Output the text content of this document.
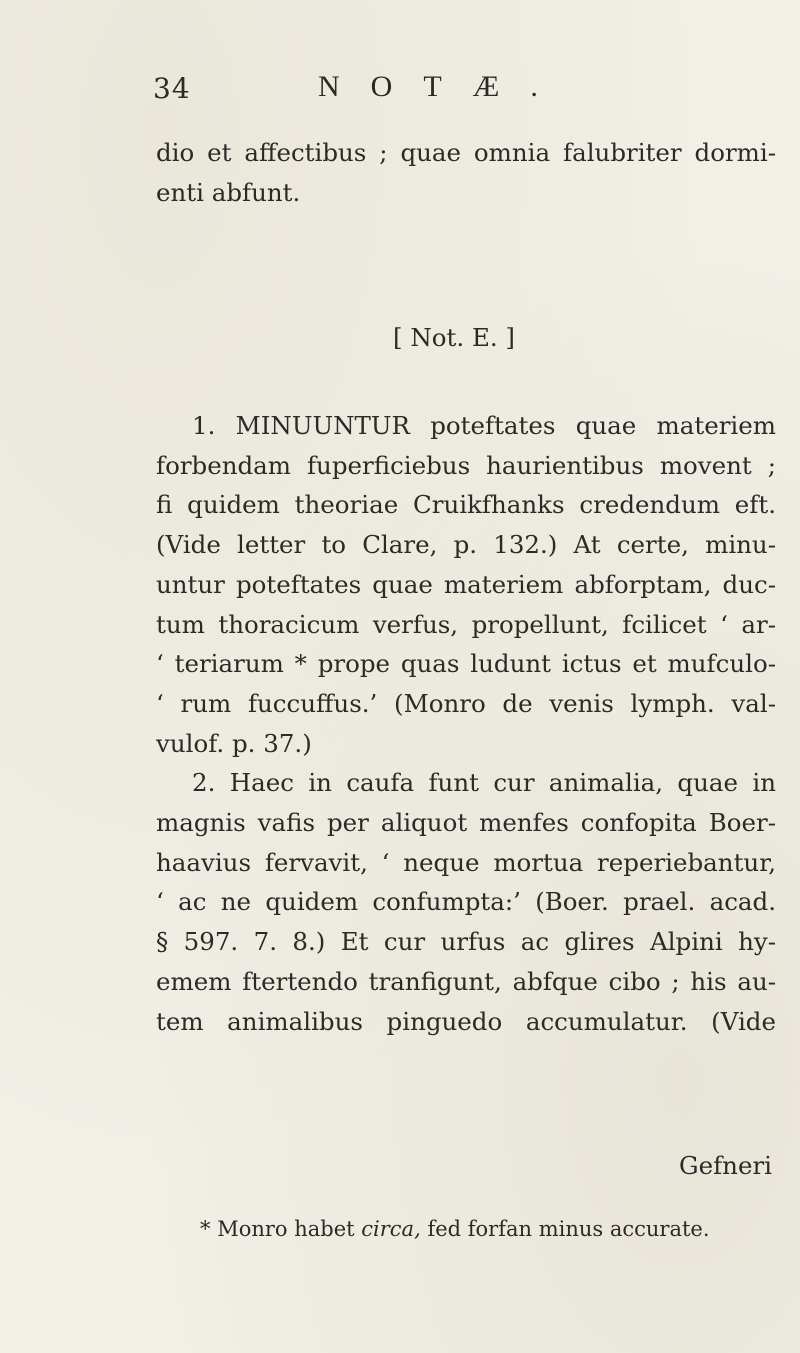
34	NOTÆ.

dio et affectibus ; quae omnia falubriter dormi-
enti abfunt.

[ Not. E. ]

1. MINUUNTUR poteftates quae materiem
forbendam fuperficiebus haurientibus movent ;
fi quidem theoriae Cruikfhanks credendum eft.
(Vide letter to Clare, p. 132.) At certe, minu-
untur poteftates quae materiem abforptam, duc-
tum thoracicum verfus, propellunt, fcilicet ‘ ar-
‘ teriarum * prope quas ludunt ictus et mufculo-
‘ rum fuccuffus.’ (Monro de venis lymph. val-
vulof. p. 37.)

2. Haec in caufa funt cur animalia, quae in
magnis vafis per aliquot menfes confopita Boer-
haavius fervavit, ‘ neque mortua reperiebantur,
‘ ac ne quidem confumpta:’ (Boer. prael. acad.
§ 597. 7. 8.) Et cur urfus ac glires Alpini hy-
emem ftertendo tranfigunt, abfque cibo ; his au-
tem animalibus pinguedo accumulatur. (Vide

Gefneri
* Monro habet circa, fed forfan minus accurate.
